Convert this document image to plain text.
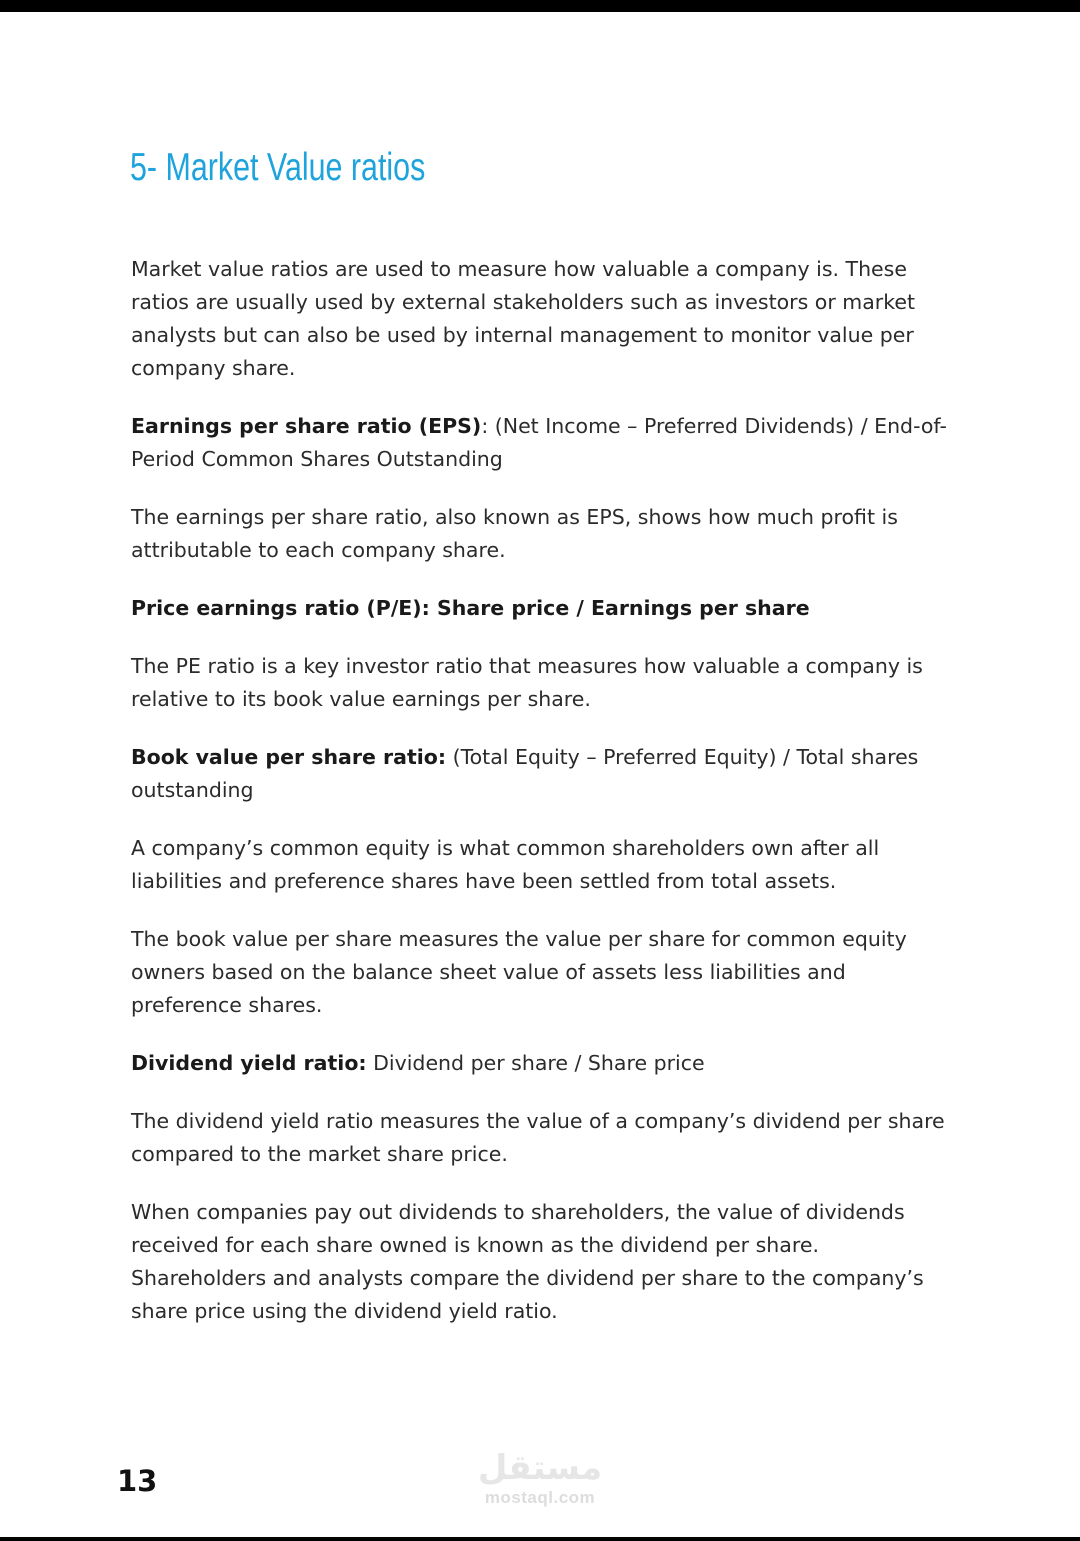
5- Market Value ratios

Market value ratios are used to measure how valuable a company is. These ratios are usually used by external stakeholders such as investors or market analysts but can also be used by internal management to monitor value per company share.

Earnings per share ratio (EPS): (Net Income – Preferred Dividends) / End-of-Period Common Shares Outstanding

The earnings per share ratio, also known as EPS, shows how much profit is attributable to each company share.

Price earnings ratio (P/E): Share price / Earnings per share

The PE ratio is a key investor ratio that measures how valuable a company is relative to its book value earnings per share.

Book value per share ratio: (Total Equity – Preferred Equity) / Total shares outstanding

A company’s common equity is what common shareholders own after all liabilities and preference shares have been settled from total assets.

The book value per share measures the value per share for common equity owners based on the balance sheet value of assets less liabilities and preference shares.

Dividend yield ratio: Dividend per share / Share price

The dividend yield ratio measures the value of a company’s dividend per share compared to the market share price.

When companies pay out dividends to shareholders, the value of dividends received for each share owned is known as the dividend per share. Shareholders and analysts compare the dividend per share to the company’s share price using the dividend yield ratio.

13	مستقل
mostaql.com
